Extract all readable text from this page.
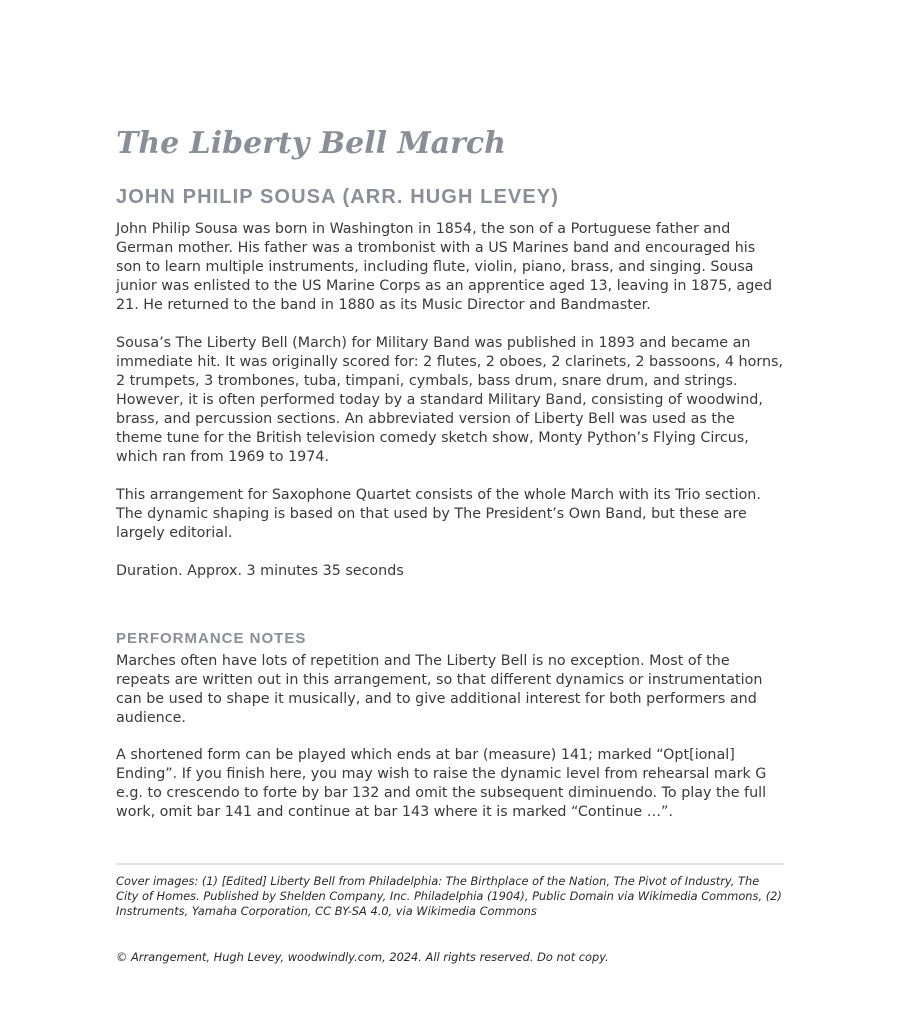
The Liberty Bell March
JOHN PHILIP SOUSA (ARR. HUGH LEVEY)

John Philip Sousa was born in Washington in 1854, the son of a Portuguese father and German mother. His father was a trombonist with a US Marines band and encouraged his son to learn multiple instruments, including flute, violin, piano, brass, and singing. Sousa junior was enlisted to the US Marine Corps as an apprentice aged 13, leaving in 1875, aged 21. He returned to the band in 1880 as its Music Director and Bandmaster.

Sousa’s The Liberty Bell (March) for Military Band was published in 1893 and became an immediate hit. It was originally scored for: 2 flutes, 2 oboes, 2 clarinets, 2 bassoons, 4 horns, 2 trumpets, 3 trombones, tuba, timpani, cymbals, bass drum, snare drum, and strings. However, it is often performed today by a standard Military Band, consisting of woodwind, brass, and percussion sections. An abbreviated version of Liberty Bell was used as the theme tune for the British television comedy sketch show, Monty Python’s Flying Circus, which ran from 1969 to 1974.

This arrangement for Saxophone Quartet consists of the whole March with its Trio section. The dynamic shaping is based on that used by The President’s Own Band, but these are largely editorial.

Duration. Approx. 3 minutes 35 seconds

PERFORMANCE NOTES

Marches often have lots of repetition and The Liberty Bell is no exception. Most of the repeats are written out in this arrangement, so that different dynamics or instrumentation can be used to shape it musically, and to give additional interest for both performers and audience.

A shortened form can be played which ends at bar (measure) 141; marked “Opt[ional] Ending”. If you finish here, you may wish to raise the dynamic level from rehearsal mark G e.g. to crescendo to forte by bar 132 and omit the subsequent diminuendo. To play the full work, omit bar 141 and continue at bar 143 where it is marked “Continue …”.

Cover images: (1) [Edited] Liberty Bell from Philadelphia: The Birthplace of the Nation, The Pivot of Industry, The City of Homes. Published by Shelden Company, Inc. Philadelphia (1904), Public Domain via Wikimedia Commons, (2) Instruments, Yamaha Corporation, CC BY-SA 4.0, via Wikimedia Commons

© Arrangement, Hugh Levey, woodwindly.com, 2024. All rights reserved. Do not copy.
